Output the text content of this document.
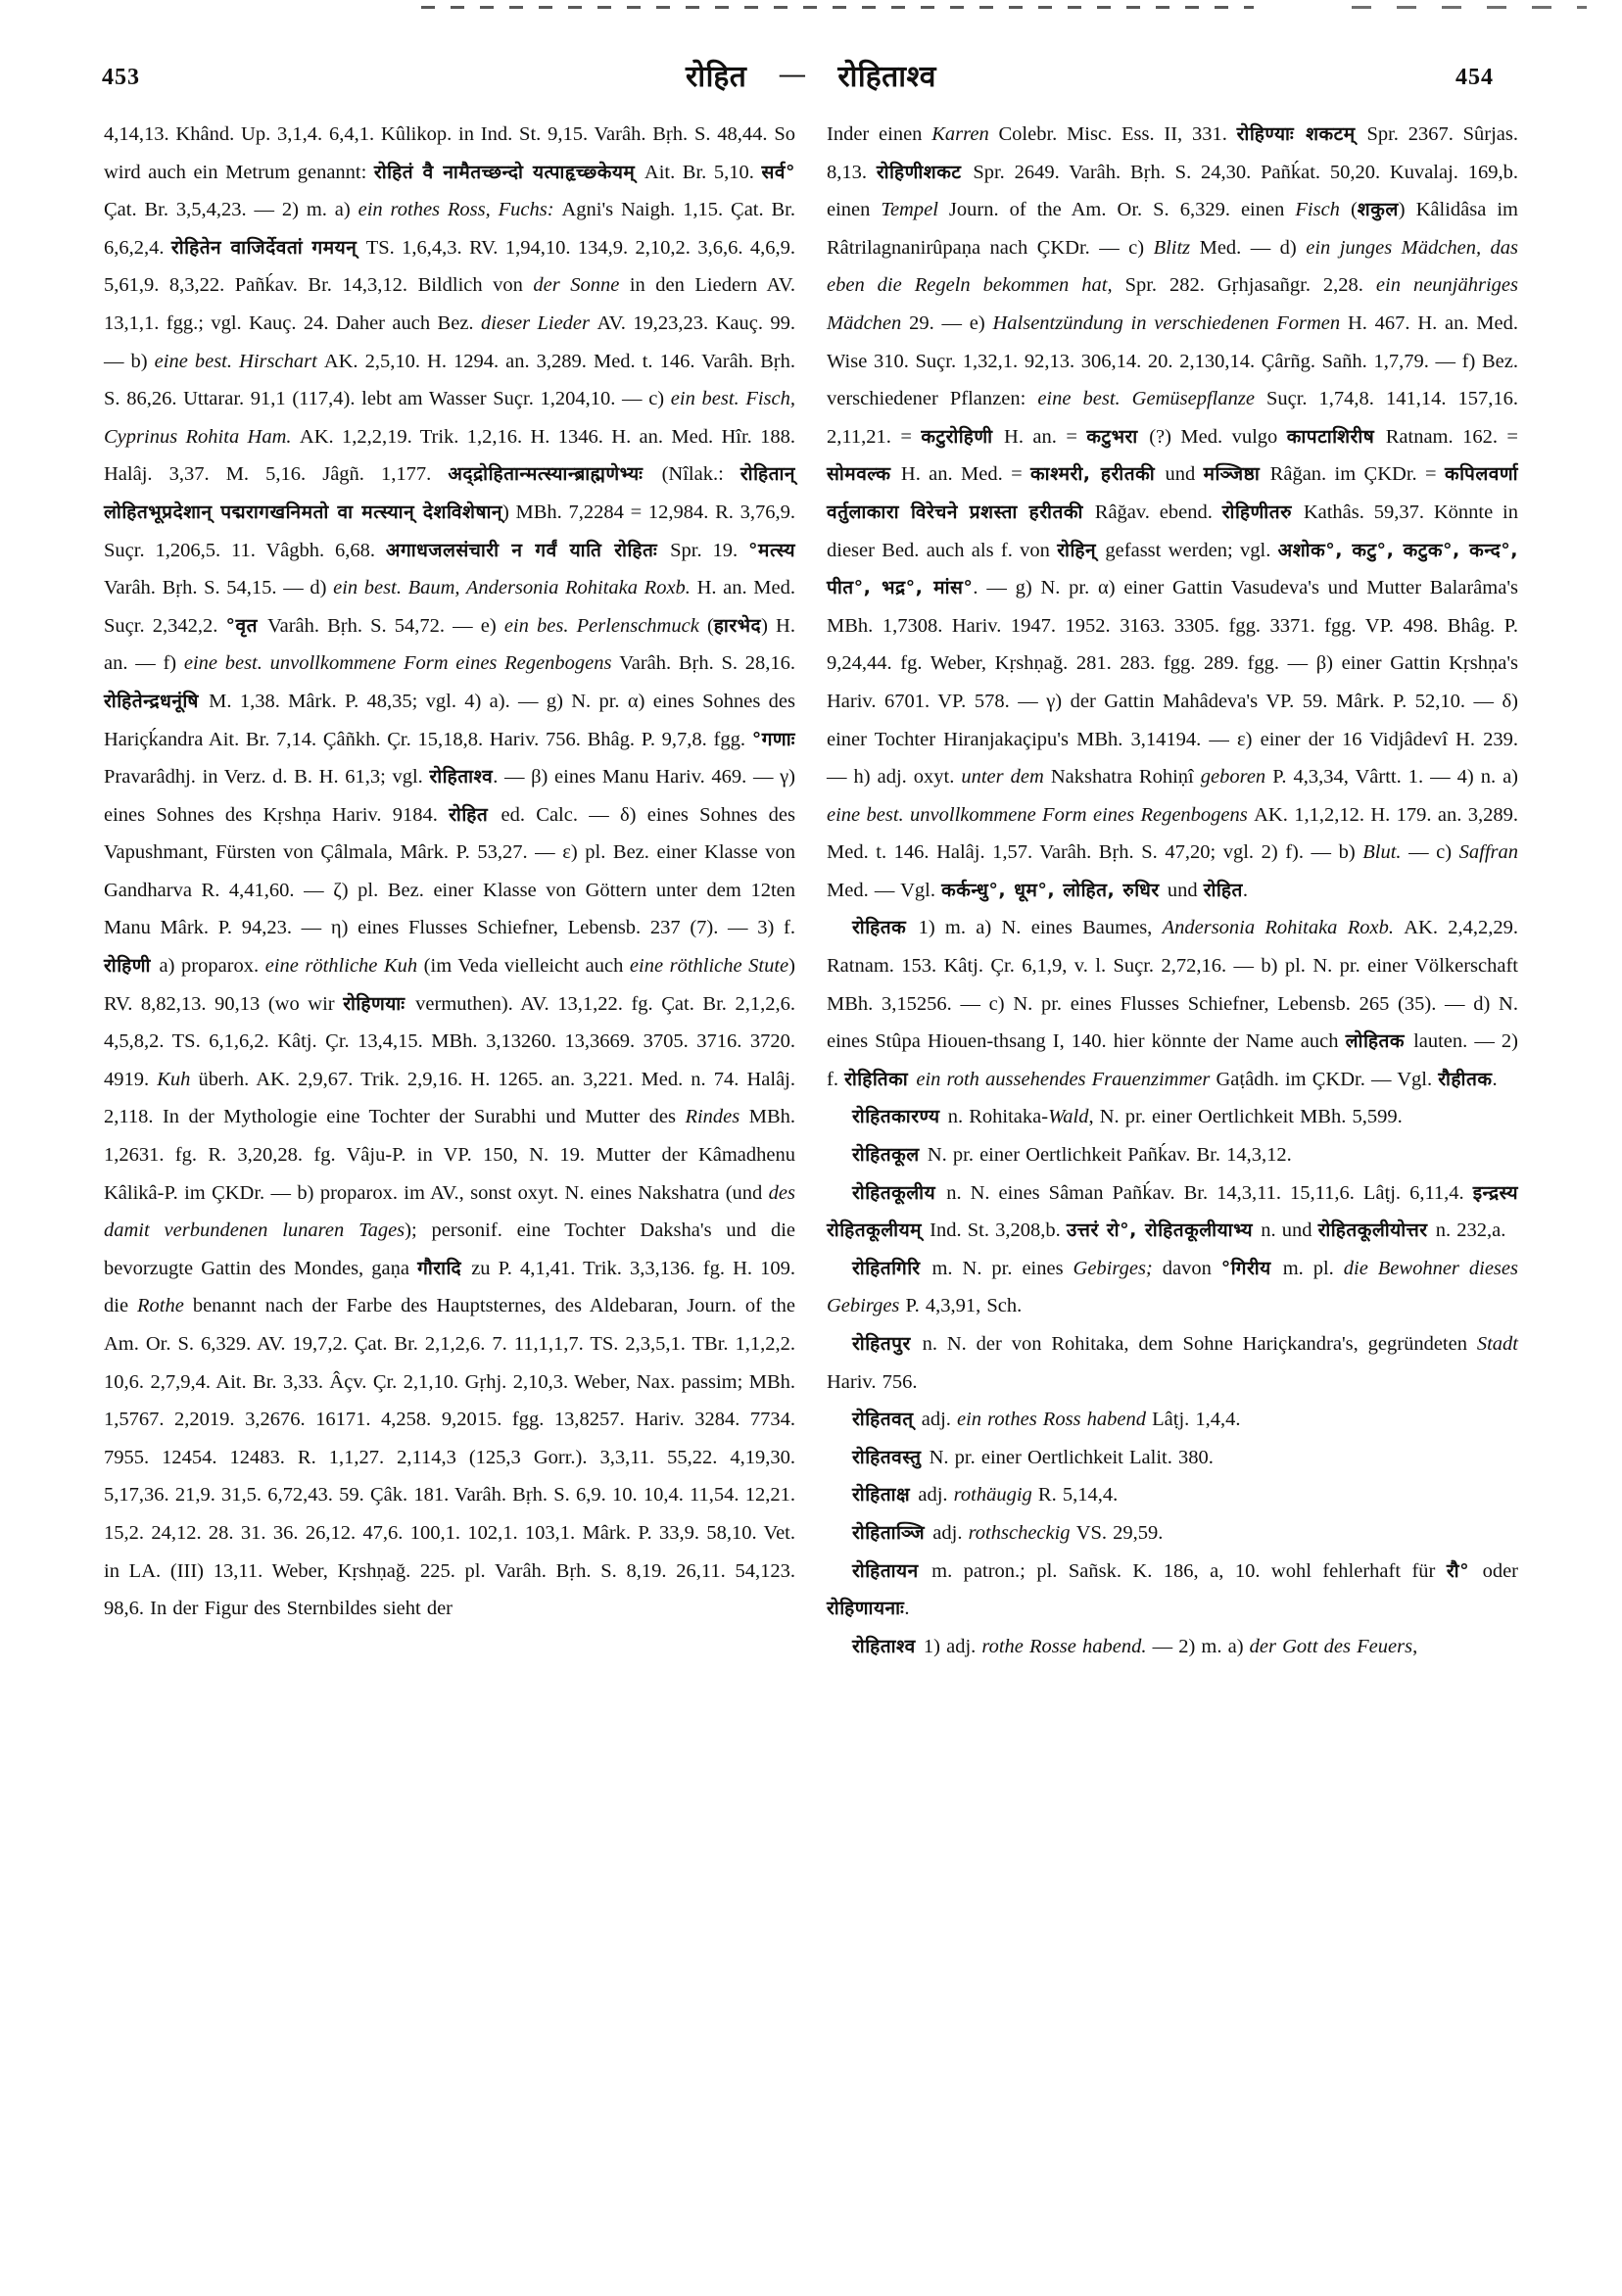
453	रोहित — रोहिताश्व	454

4,14,13. Khând. Up. 3,1,4. 6,4,1. Kûlikop. in Ind. St. 9,15. Varâh. Bṛh. S. 48,44. So wird auch ein Metrum genannt: रोहितं वै नामैतच्छन्दो यत्पाहृच्छ्केयम् Ait. Br. 5,10. सर्व° Çat. Br. 3,5,4,23. — 2) m. a) ein rothes Ross, Fuchs: Agni's Naigh. 1,15. Çat. Br. 6,6,2,4. रोहितेन वाजिर्देवतां गमयन् TS. 1,6,4,3. RV. 1,94,10. 134,9. 2,10,2. 3,6,6. 4,6,9. 5,61,9. 8,3,22. Pañḱav. Br. 14,3,12. Bildlich von der Sonne in den Liedern AV. 13,1,1. fgg.; vgl. Kauç. 24. Daher auch Bez. dieser Lieder AV. 19,23,23. Kauç. 99. — b) eine best. Hirschart AK. 2,5,10. H. 1294. an. 3,289. Med. t. 146. Varâh. Bṛh. S. 86,26. Uttarar. 91,1 (117,4). lebt am Wasser Suçr. 1,204,10. — c) ein best. Fisch, Cyprinus Rohita Ham. AK. 1,2,2,19. Trik. 1,2,16. H. 1346. H. an. Med. Hîr. 188. Halâj. 3,37. M. 5,16. Jâgñ. 1,177. अद्द्रोहितान्मत्स्यान्ब्राह्मणेभ्यः (Nîlak.: रोहितान् लोहितभूप्रदेशान् पद्मरागखनिमतो वा मत्स्यान् देशविशेषान्) MBh. 7,2284 = 12,984. R. 3,76,9. Suçr. 1,206,5. 11. Vâgbh. 6,68. अगाधजलसंचारी न गर्वं याति रोहितः Spr. 19. °मत्स्य Varâh. Bṛh. S. 54,15. — d) ein best. Baum, Andersonia Rohitaka Roxb. H. an. Med. Suçr. 2,342,2. °वृत Varâh. Bṛh. S. 54,72. — e) ein bes. Perlenschmuck (हारभेद) H. an. — f) eine best. unvollkommene Form eines Regenbogens Varâh. Bṛh. S. 28,16. रोहितेन्द्रधनूंषि M. 1,38. Mârk. P. 48,35; vgl. 4) a). — g) N. pr. α) eines Sohnes des Hariçḱandra Ait. Br. 7,14. Çâñkh. Çr. 15,18,8. Hariv. 756. Bhâg. P. 9,7,8. fgg. °गणाः Pravarâdhj. in Verz. d. B. H. 61,3; vgl. रोहिताश्व. — β) eines Manu Hariv. 469. — γ) eines Sohnes des Kṛshṇa Hariv. 9184. रोहित ed. Calc. — δ) eines Sohnes des Vapushmant, Fürsten von Çâlmala, Mârk. P. 53,27. — ε) pl. Bez. einer Klasse von Gandharva R. 4,41,60. — ζ) pl. Bez. einer Klasse von Göttern unter dem 12ten Manu Mârk. P. 94,23. — η) eines Flusses Schiefner, Lebensb. 237 (7). — 3) f. रोहिणी a) proparox. eine röthliche Kuh (im Veda vielleicht auch eine röthliche Stute) RV. 8,82,13. 90,13 (wo wir रोहिणयाः vermuthen). AV. 13,1,22. fg. Çat. Br. 2,1,2,6. 4,5,8,2. TS. 6,1,6,2. Kâtj. Çr. 13,4,15. MBh. 3,13260. 13,3669. 3705. 3716. 3720. 4919. Kuh überh. AK. 2,9,67. Trik. 2,9,16. H. 1265. an. 3,221. Med. n. 74. Halâj. 2,118. In der Mythologie eine Tochter der Surabhi und Mutter des Rindes MBh. 1,2631. fg. R. 3,20,28. fg. Vâju-P. in VP. 150, N. 19. Mutter der Kâmadhenu Kâlikâ-P. im ÇKDr. — b) proparox. im AV., sonst oxyt. N. eines Nakshatra (und des damit verbundenen lunaren Tages); personif. eine Tochter Daksha's und die bevorzugte Gattin des Mondes, gaṇa गौरादि zu P. 4,1,41. Trik. 3,3,136. fg. H. 109. die Rothe benannt nach der Farbe des Hauptsternes, des Aldebaran, Journ. of the Am. Or. S. 6,329. AV. 19,7,2. Çat. Br. 2,1,2,6. 7. 11,1,1,7. TS. 2,3,5,1. TBr. 1,1,2,2. 10,6. 2,7,9,4. Ait. Br. 3,33. Âçv. Çr. 2,1,10. Gṛhj. 2,10,3. Weber, Nax. passim; MBh. 1,5767. 2,2019. 3,2676. 16171. 4,258. 9,2015. fgg. 13,8257. Hariv. 3284. 7734. 7955. 12454. 12483. R. 1,1,27. 2,114,3 (125,3 Gorr.). 3,3,11. 55,22. 4,19,30. 5,17,36. 21,9. 31,5. 6,72,43. 59. Çâk. 181. Varâh. Bṛh. S. 6,9. 10. 10,4. 11,54. 12,21. 15,2. 24,12. 28. 31. 36. 26,12. 47,6. 100,1. 102,1. 103,1. Mârk. P. 33,9. 58,10. Vet. in LA. (III) 13,11. Weber, Kṛshṇağ. 225. pl. Varâh. Bṛh. S. 8,19. 26,11. 54,123. 98,6. In der Figur des Sternbildes sieht der

Inder einen Karren Colebr. Misc. Ess. II, 331. रोहिण्याः शकटम् Spr. 2367. Sûrjas. 8,13. रोहिणीशकट Spr. 2649. Varâh. Bṛh. S. 24,30. Pañḱat. 50,20. Kuvalaj. 169,b. einen Tempel Journ. of the Am. Or. S. 6,329. einen Fisch (शकुल) Kâlidâsa im Râtrilagnanirûpaṇa nach ÇKDr. — c) Blitz Med. — d) ein junges Mädchen, das eben die Regeln bekommen hat, Spr. 282. Gṛhjasañgr. 2,28. ein neunjähriges Mädchen 29. — e) Halsentzündung in verschiedenen Formen H. 467. H. an. Med. Wise 310. Suçr. 1,32,1. 92,13. 306,14. 20. 2,130,14. Çârñg. Sañh. 1,7,79. — f) Bez. verschiedener Pflanzen: eine best. Gemüsepflanze Suçr. 1,74,8. 141,14. 157,16. 2,11,21. = कटुरोहिणी H. an. = कटुभरा (?) Med. vulgo कापटाशिरीष Ratnam. 162. = सोमवल्क H. an. Med. = काश्मरी, हरीतकी und मञ्जिष्ठा Râğan. im ÇKDr. = कपिलवर्णा वर्तुलाकारा विरेचने प्रशस्ता हरीतकी Râğav. ebend. रोहिणीतरु Kathâs. 59,37. Könnte in dieser Bed. auch als f. von रोहिन् gefasst werden; vgl. अशोक°, कटु°, कटुक°, कन्द°, पीत°, भद्र°, मांस°. — g) N. pr. α) einer Gattin Vasudeva's und Mutter Balarâma's MBh. 1,7308. Hariv. 1947. 1952. 3163. 3305. fgg. 3371. fgg. VP. 498. Bhâg. P. 9,24,44. fg. Weber, Kṛshṇağ. 281. 283. fgg. 289. fgg. — β) einer Gattin Kṛshṇa's Hariv. 6701. VP. 578. — γ) der Gattin Mahâdeva's VP. 59. Mârk. P. 52,10. — δ) einer Tochter Hiranjakaçipu's MBh. 3,14194. — ε) einer der 16 Vidjâdevî H. 239. — h) adj. oxyt. unter dem Nakshatra Rohiṇî geboren P. 4,3,34, Vârtt. 1. — 4) n. a) eine best. unvollkommene Form eines Regenbogens AK. 1,1,2,12. H. 179. an. 3,289. Med. t. 146. Halâj. 1,57. Varâh. Bṛh. S. 47,20; vgl. 2) f). — b) Blut. — c) Saffran Med. — Vgl. कर्कन्धु°, धूम°, लोहित, रुधिर und रोहित.

रोहितक 1) m. a) N. eines Baumes, Andersonia Rohitaka Roxb. AK. 2,4,2,29. Ratnam. 153. Kâtj. Çr. 6,1,9, v. l. Suçr. 2,72,16. — b) pl. N. pr. einer Völkerschaft MBh. 3,15256. — c) N. pr. eines Flusses Schiefner, Lebensb. 265 (35). — d) N. eines Stûpa Hiouen-thsang I, 140. hier könnte der Name auch लोहितक lauten. — 2) f. रोहितिका ein roth aussehendes Frauenzimmer Gaṭâdh. im ÇKDr. — Vgl. रौहीतक.

रोहितकारण्य n. Rohitaka-Wald, N. pr. einer Oertlichkeit MBh. 5,599.

रोहितकूल N. pr. einer Oertlichkeit Pañḱav. Br. 14,3,12.

रोहितकूलीय n. N. eines Sâman Pañḱav. Br. 14,3,11. 15,11,6. Lâṭj. 6,11,4. इन्द्रस्य रोहितकूलीयम् Ind. St. 3,208,b. उत्तरं रो°, रोहितकूलीयाभ्य n. und रोहितकूलीयोत्तर n. 232,a.

रोहितगिरि m. N. pr. eines Gebirges; davon °गिरीय m. pl. die Bewohner dieses Gebirges P. 4,3,91, Sch.

रोहितपुर n. N. der von Rohitaka, dem Sohne Hariçkandra's, gegründeten Stadt Hariv. 756.

रोहितवत् adj. ein rothes Ross habend Lâṭj. 1,4,4.

रोहितवस्तु N. pr. einer Oertlichkeit Lalit. 380.

रोहिताक्ष adj. rothäugig R. 5,14,4.

रोहिताञ्जि adj. rothscheckig VS. 29,59.

रोहितायन m. patron.; pl. Sañsk. K. 186, a, 10. wohl fehlerhaft für रौ° oder रोहिणायनाः.

रोहिताश्व 1) adj. rothe Rosse habend. — 2) m. a) der Gott des Feuers,
